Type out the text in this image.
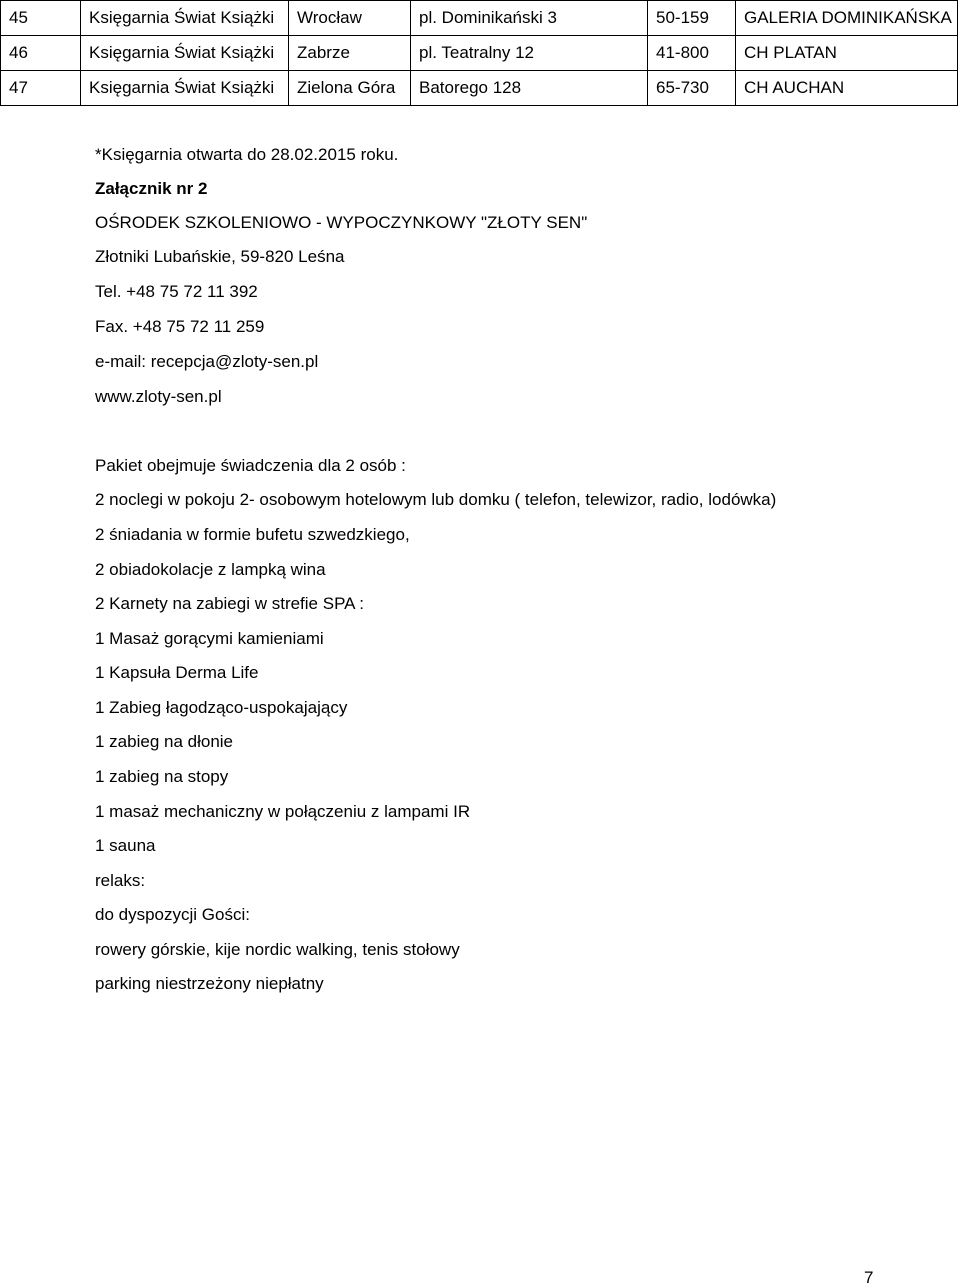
45	Księgarnia Świat Książki	Wrocław	pl. Dominikański 3	50-159	GALERIA DOMINIKAŃSKA
46	Księgarnia Świat Książki	Zabrze	pl. Teatralny 12	41-800	CH PLATAN
47	Księgarnia Świat Książki	Zielona Góra	Batorego 128	65-730	CH AUCHAN
*Księgarnia otwarta do 28.02.2015 roku.
Załącznik nr 2
OŚRODEK SZKOLENIOWO - WYPOCZYNKOWY "ZŁOTY SEN"
Złotniki Lubańskie, 59-820 Leśna
Tel. +48 75 72 11 392
Fax. +48 75 72 11 259
e-mail: recepcja@zloty-sen.pl
www.zloty-sen.pl
Pakiet obejmuje świadczenia dla 2 osób :
2 noclegi w pokoju 2- osobowym hotelowym lub domku ( telefon, telewizor, radio, lodówka)
2 śniadania w formie bufetu szwedzkiego,
2 obiadokolacje z lampką wina
2 Karnety na zabiegi w strefie SPA :
1 Masaż gorącymi kamieniami
1 Kapsuła Derma Life
1 Zabieg łagodząco-uspokajający
1 zabieg na dłonie
1 zabieg na stopy
1 masaż mechaniczny w połączeniu z lampami IR
1 sauna
relaks:
do dyspozycji Gości:
rowery górskie, kije nordic walking, tenis stołowy
parking niestrzeżony niepłatny
7
